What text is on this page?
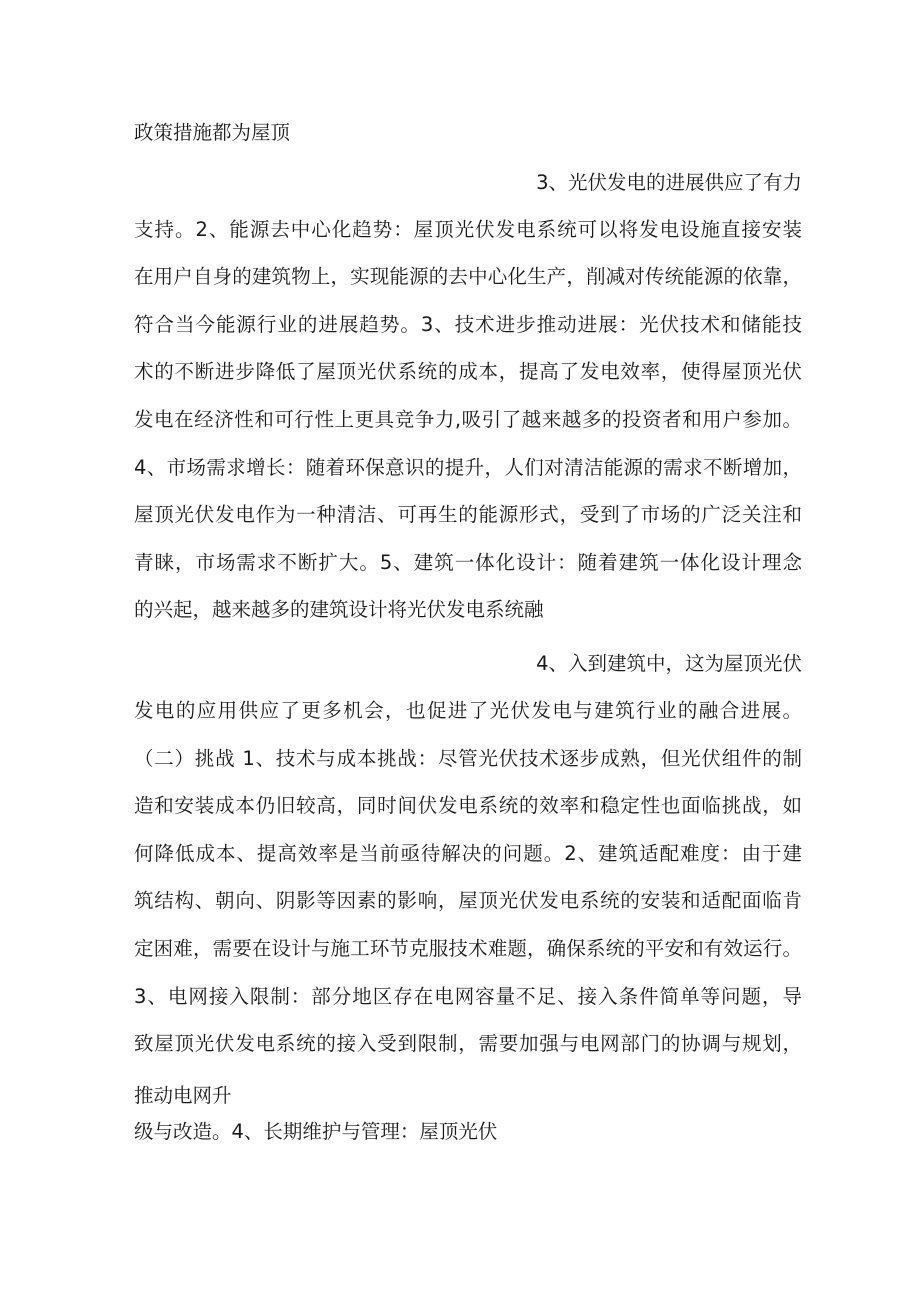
政策措施都为屋顶
3、光伏发电的进展供应了有力
支持。2、能源去中心化趋势：屋顶光伏发电系统可以将发电设施直接安装
在用户自身的建筑物上，实现能源的去中心化生产，削减对传统能源的依靠，
符合当今能源行业的进展趋势。3、技术进步推动进展：光伏技术和储能技
术的不断进步降低了屋顶光伏系统的成本，提高了发电效率，使得屋顶光伏
发电在经济性和可行性上更具竞争力,吸引了越来越多的投资者和用户参加。
4、市场需求增长：随着环保意识的提升，人们对清洁能源的需求不断增加，
屋顶光伏发电作为一种清洁、可再生的能源形式，受到了市场的广泛关注和
青睐，市场需求不断扩大。5、建筑一体化设计：随着建筑一体化设计理念
的兴起，越来越多的建筑设计将光伏发电系统融
4、入到建筑中，这为屋顶光伏
发电的应用供应了更多机会，也促进了光伏发电与建筑行业的融合进展。
（二）挑战 1、技术与成本挑战：尽管光伏技术逐步成熟，但光伏组件的制
造和安装成本仍旧较高，同时间伏发电系统的效率和稳定性也面临挑战，如
何降低成本、提高效率是当前亟待解决的问题。2、建筑适配难度：由于建
筑结构、朝向、阴影等因素的影响，屋顶光伏发电系统的安装和适配面临肯
定困难，需要在设计与施工环节克服技术难题，确保系统的平安和有效运行。
3、电网接入限制：部分地区存在电网容量不足、接入条件简单等问题，导
致屋顶光伏发电系统的接入受到限制，需要加强与电网部门的协调与规划，
推动电网升
级与改造。4、长期维护与管理：屋顶光伏
